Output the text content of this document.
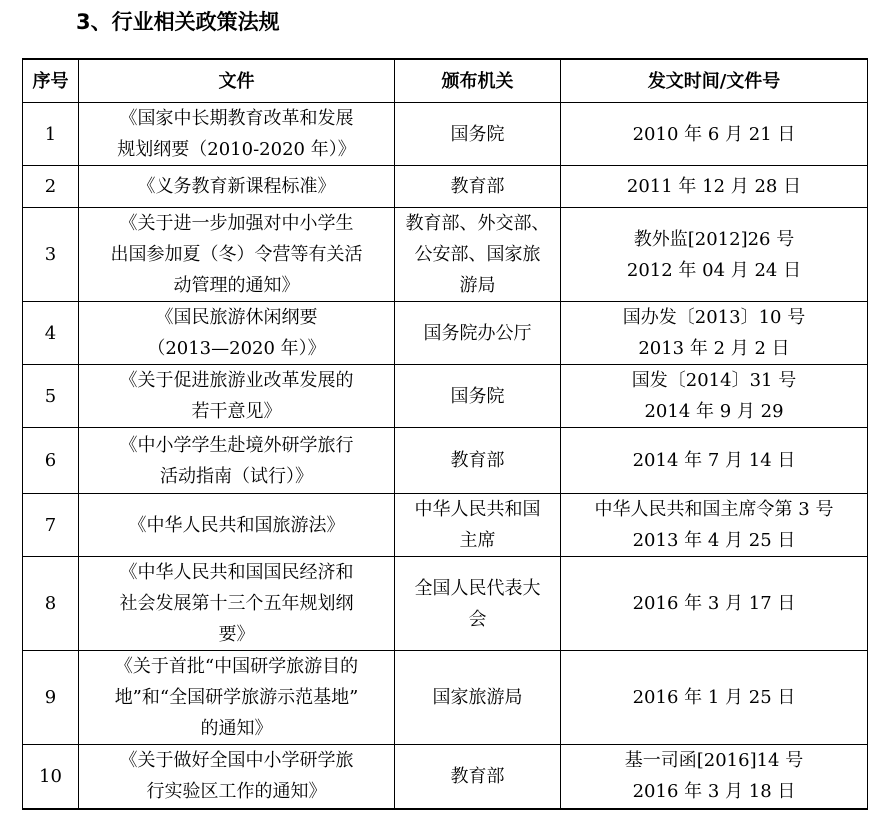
3、行业相关政策法规
序号	文件	颁布机关	发文时间/文件号
1	《国家中长期教育改革和发展
规划纲要（2010-2020 年）》	国务院	2010 年 6 月 21 日

2	《义务教育新课程标准》	教育部	2011 年 12 月 28 日

3	《关于进一步加强对中小学生
出国参加夏（冬）令营等有关活
动管理的通知》	教育部、外交部、
公安部、国家旅
游局	教外监[2012]26 号
2012 年 04 月 24 日

4	《国民旅游休闲纲要
（2013—2020 年）》	国务院办公厅	国办发〔2013〕10 号
2013 年 2 月 2 日

5	《关于促进旅游业改革发展的
若干意见》	国务院	国发〔2014〕31 号
2014 年 9 月 29

6	《中小学学生赴境外研学旅行
活动指南（试行）》	教育部	2014 年 7 月 14 日

7	《中华人民共和国旅游法》	中华人民共和国
主席	中华人民共和国主席令第 3 号
2013 年 4 月 25 日

8	《中华人民共和国国民经济和
社会发展第十三个五年规划纲
要》	全国人民代表大
会	2016 年 3 月 17 日

9	《关于首批“中国研学旅游目的
地”和“全国研学旅游示范基地”
的通知》	国家旅游局	2016 年 1 月 25 日

10	《关于做好全国中小学研学旅
行实验区工作的通知》	教育部	基一司函[2016]14 号
2016 年 3 月 18 日
